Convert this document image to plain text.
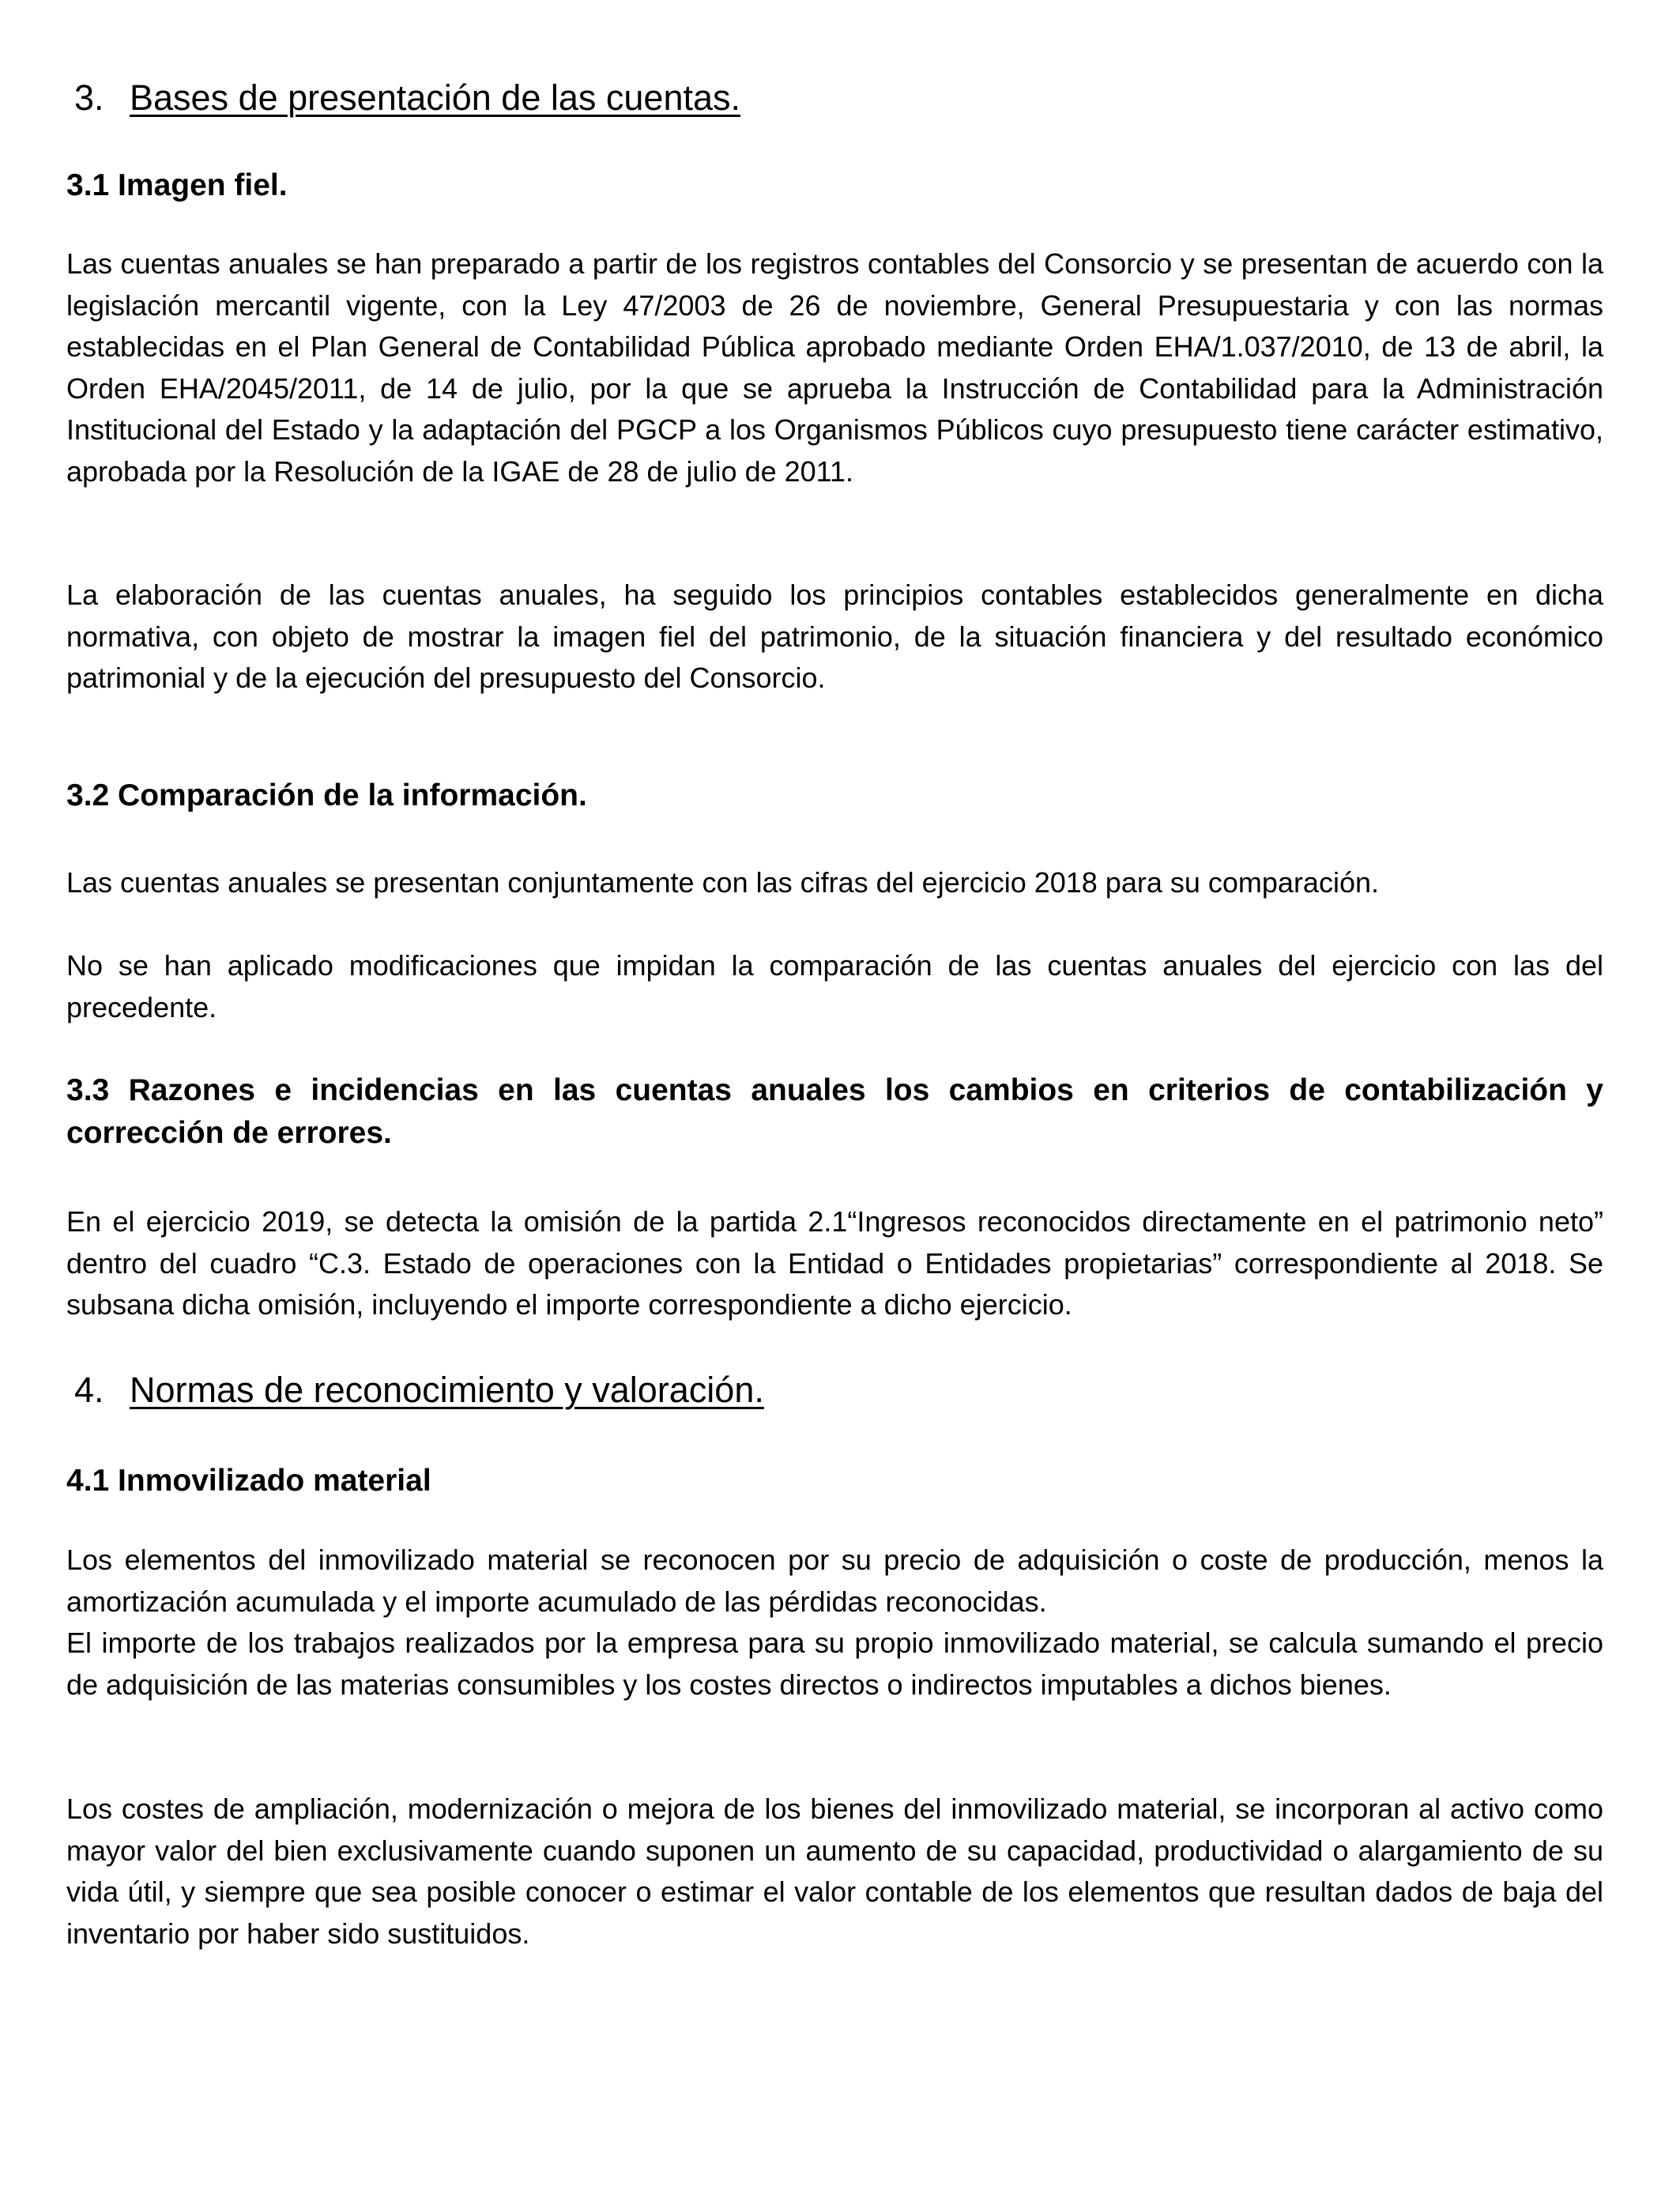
3. Bases de presentación de las cuentas.
3.1 Imagen fiel.
Las cuentas anuales se han preparado a partir de los registros contables del Consorcio y se presentan de acuerdo con la legislación mercantil vigente, con la Ley 47/2003 de 26 de noviembre, General Presupuestaria y con las normas establecidas en el Plan General de Contabilidad Pública aprobado mediante Orden EHA/1.037/2010, de 13 de abril, la Orden EHA/2045/2011, de 14 de julio, por la que se aprueba la Instrucción de Contabilidad para la Administración Institucional del Estado y la adaptación del PGCP a los Organismos Públicos cuyo presupuesto tiene carácter estimativo, aprobada por la Resolución de la IGAE de 28 de julio de 2011.
La elaboración de las cuentas anuales, ha seguido los principios contables establecidos generalmente en dicha normativa, con objeto de mostrar la imagen fiel del patrimonio, de la situación financiera y del resultado económico patrimonial y de la ejecución del presupuesto del Consorcio.
3.2 Comparación de la información.
Las cuentas anuales se presentan conjuntamente con las cifras del ejercicio 2018 para su comparación.
No se han aplicado modificaciones que impidan la comparación de las cuentas anuales del ejercicio con las del precedente.
3.3 Razones e incidencias en las cuentas anuales los cambios en criterios de contabilización y corrección de errores.
En el ejercicio 2019, se detecta la omisión de la partida 2.1“Ingresos reconocidos directamente en el patrimonio neto” dentro del cuadro “C.3. Estado de operaciones con la Entidad o Entidades propietarias” correspondiente al 2018. Se subsana dicha omisión, incluyendo el importe correspondiente a dicho ejercicio.
4. Normas de reconocimiento y valoración.
4.1 Inmovilizado material
Los elementos del inmovilizado material se reconocen por su precio de adquisición o coste de producción, menos la amortización acumulada y el importe acumulado de las pérdidas reconocidas.
El importe de los trabajos realizados por la empresa para su propio inmovilizado material, se calcula sumando el precio de adquisición de las materias consumibles y los costes directos o indirectos imputables a dichos bienes.
Los costes de ampliación, modernización o mejora de los bienes del inmovilizado material, se incorporan al activo como mayor valor del bien exclusivamente cuando suponen un aumento de su capacidad, productividad o alargamiento de su vida útil, y siempre que sea posible conocer o estimar el valor contable de los elementos que resultan dados de baja del inventario por haber sido sustituidos.
